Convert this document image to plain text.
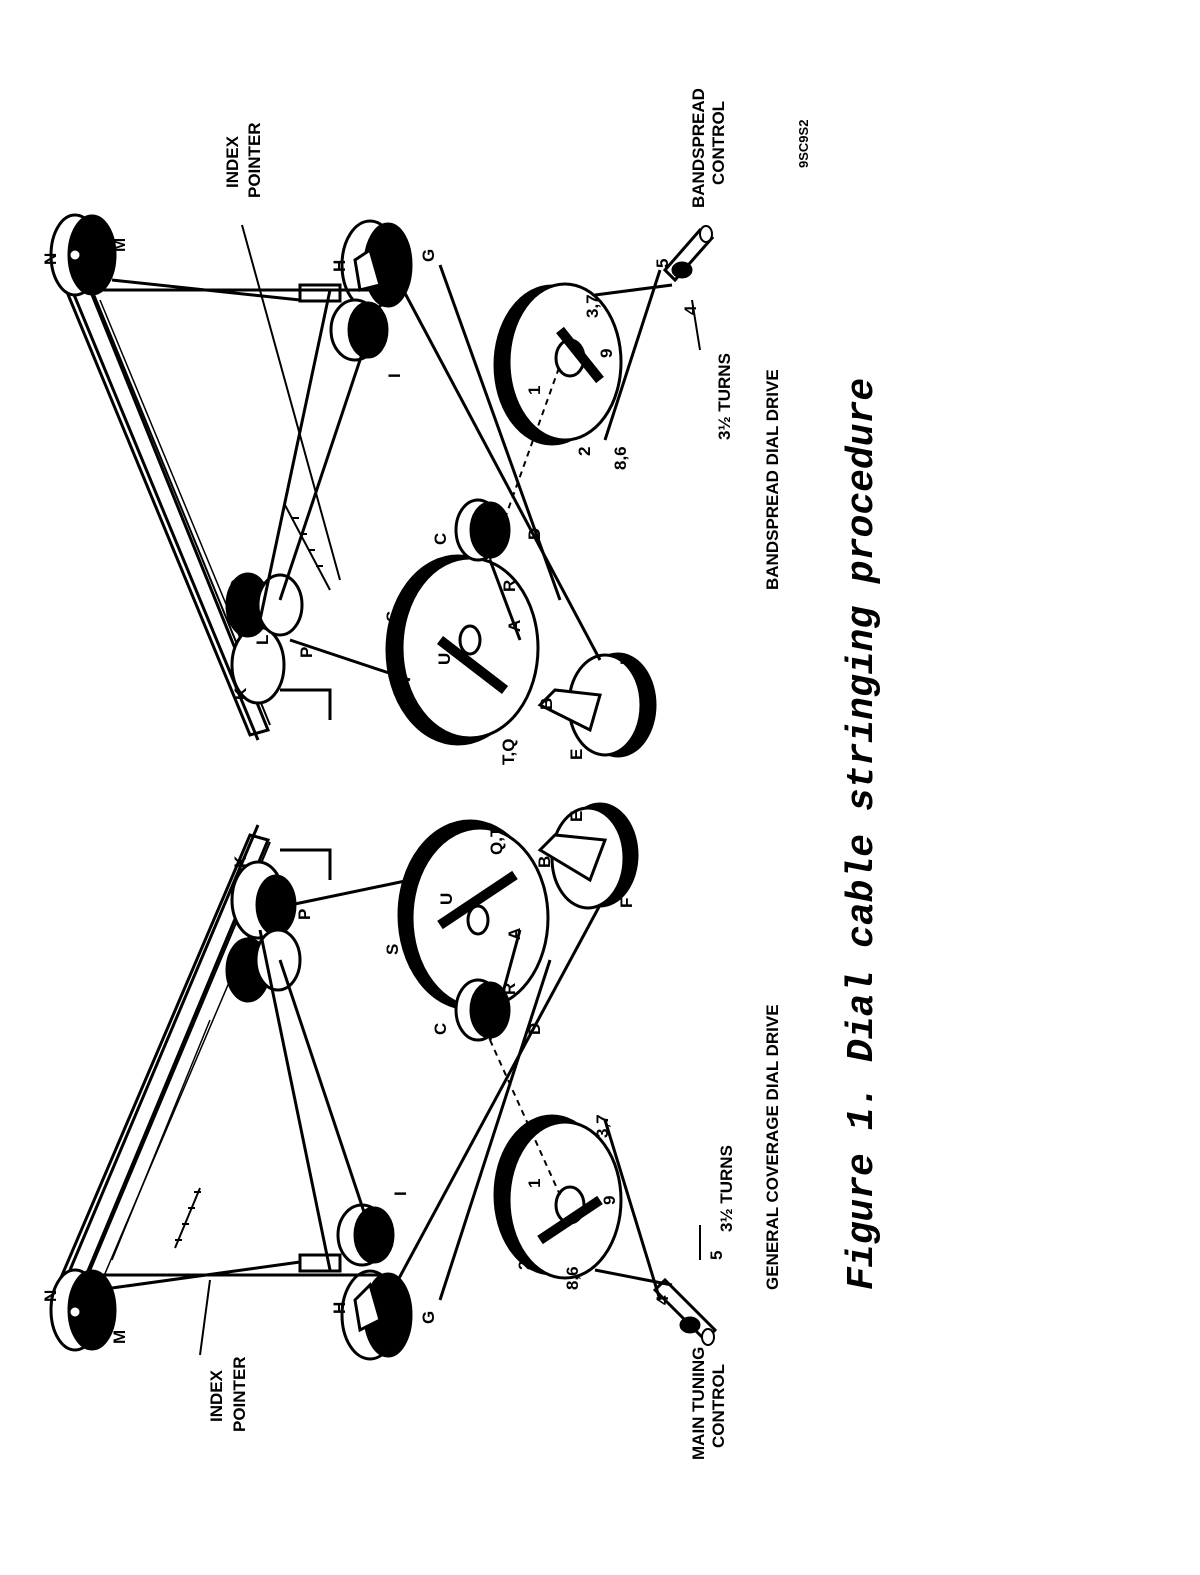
N
M
H
G
I
K
J
L P
O
S
U
Q,T
R
A
B
E
F
C	D
3,7
1
9
2
8,6
4
5
3½ TURNS GENERAL COVERAGE DIAL DRIVE
INDEX POINTER	MAIN TUNING CONTROL
N
M
H
G
I
K
J
L
P
O
S
U
T,Q
R
A
B
E
F
C	D
3,7
1
9
2 8,6
4
5
3½ TURNS BANDSPREAD DIAL DRIVE
INDEX POINTER	BANDSPREAD CONTROL	9SC9S2
Figure 1. Dial cable stringing procedure
